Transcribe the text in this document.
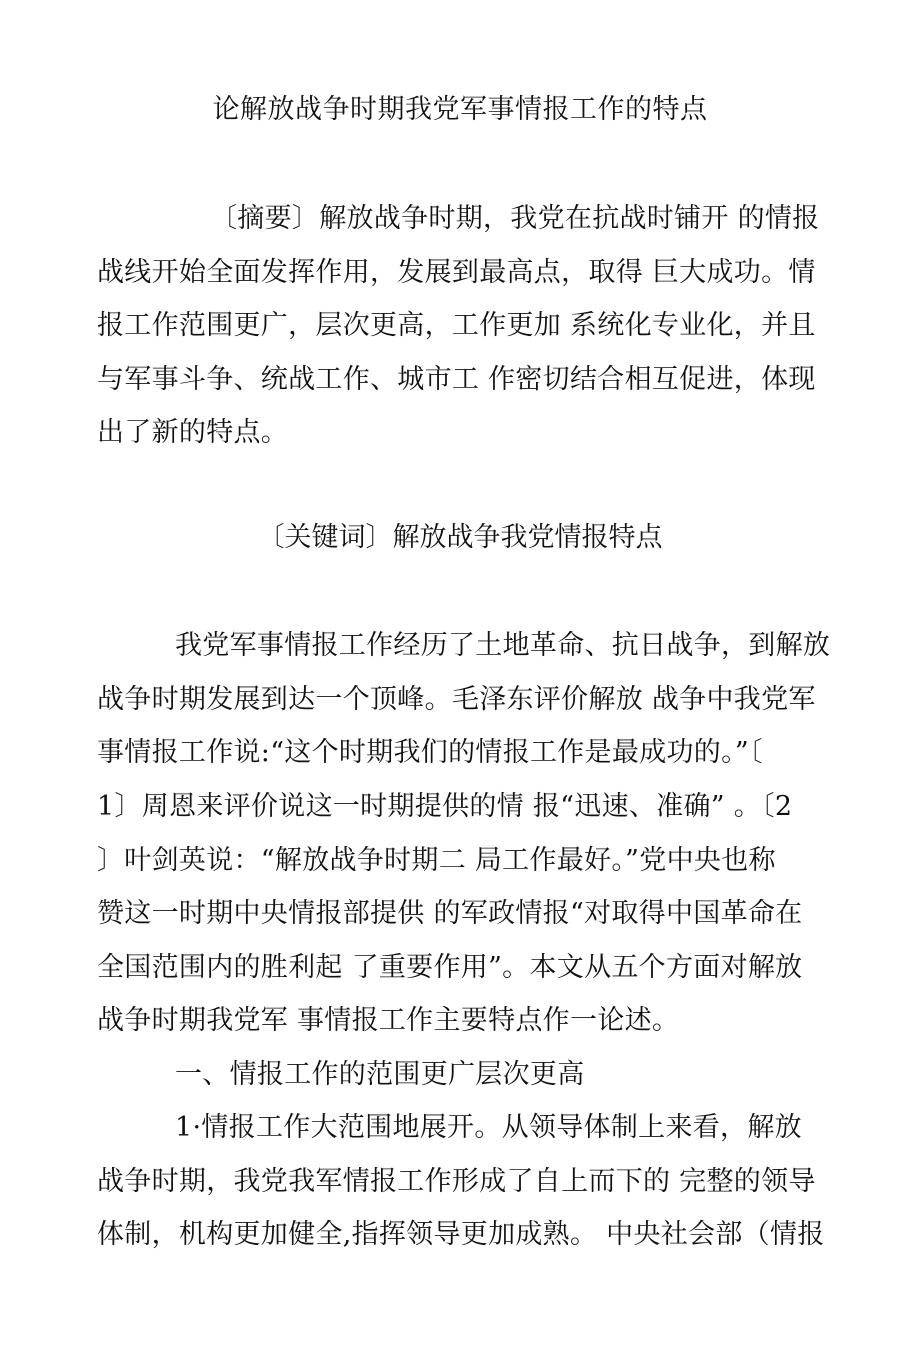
论解放战争时期我党军事情报工作的特点
〔摘要〕解放战争时期，我党在抗战时铺开 的情报
战线开始全面发挥作用，发展到最高点，取得 巨大成功。情
报工作范围更广，层次更高，工作更加 系统化专业化，并且
与军事斗争、统战工作、城市工 作密切结合相互促进，体现
出了新的特点。
〔关键词〕解放战争我党情报特点
我党军事情报工作经历了土地革命、抗日战争，到解放
战争时期发展到达一个顶峰。毛泽东评价解放 战争中我党军
事情报工作说:“这个时期我们的情报工作是最成功的。”〔
1〕周恩来评价说这一时期提供的情 报“迅速、准确” 。〔2
〕叶剑英说：“解放战争时期二 局工作最好。”党中央也称
赞这一时期中央情报部提供 的军政情报“对取得中国革命在
全国范围内的胜利起 了重要作用”。本文从五个方面对解放
战争时期我党军 事情报工作主要特点作一论述。
一、情报工作的范围更广层次更高
1·情报工作大范围地展开。从领导体制上来看，解放
战争时期，我党我军情报工作形成了自上而下的 完整的领导
体制，机构更加健全,指挥领导更加成熟。 中央社会部（情报
